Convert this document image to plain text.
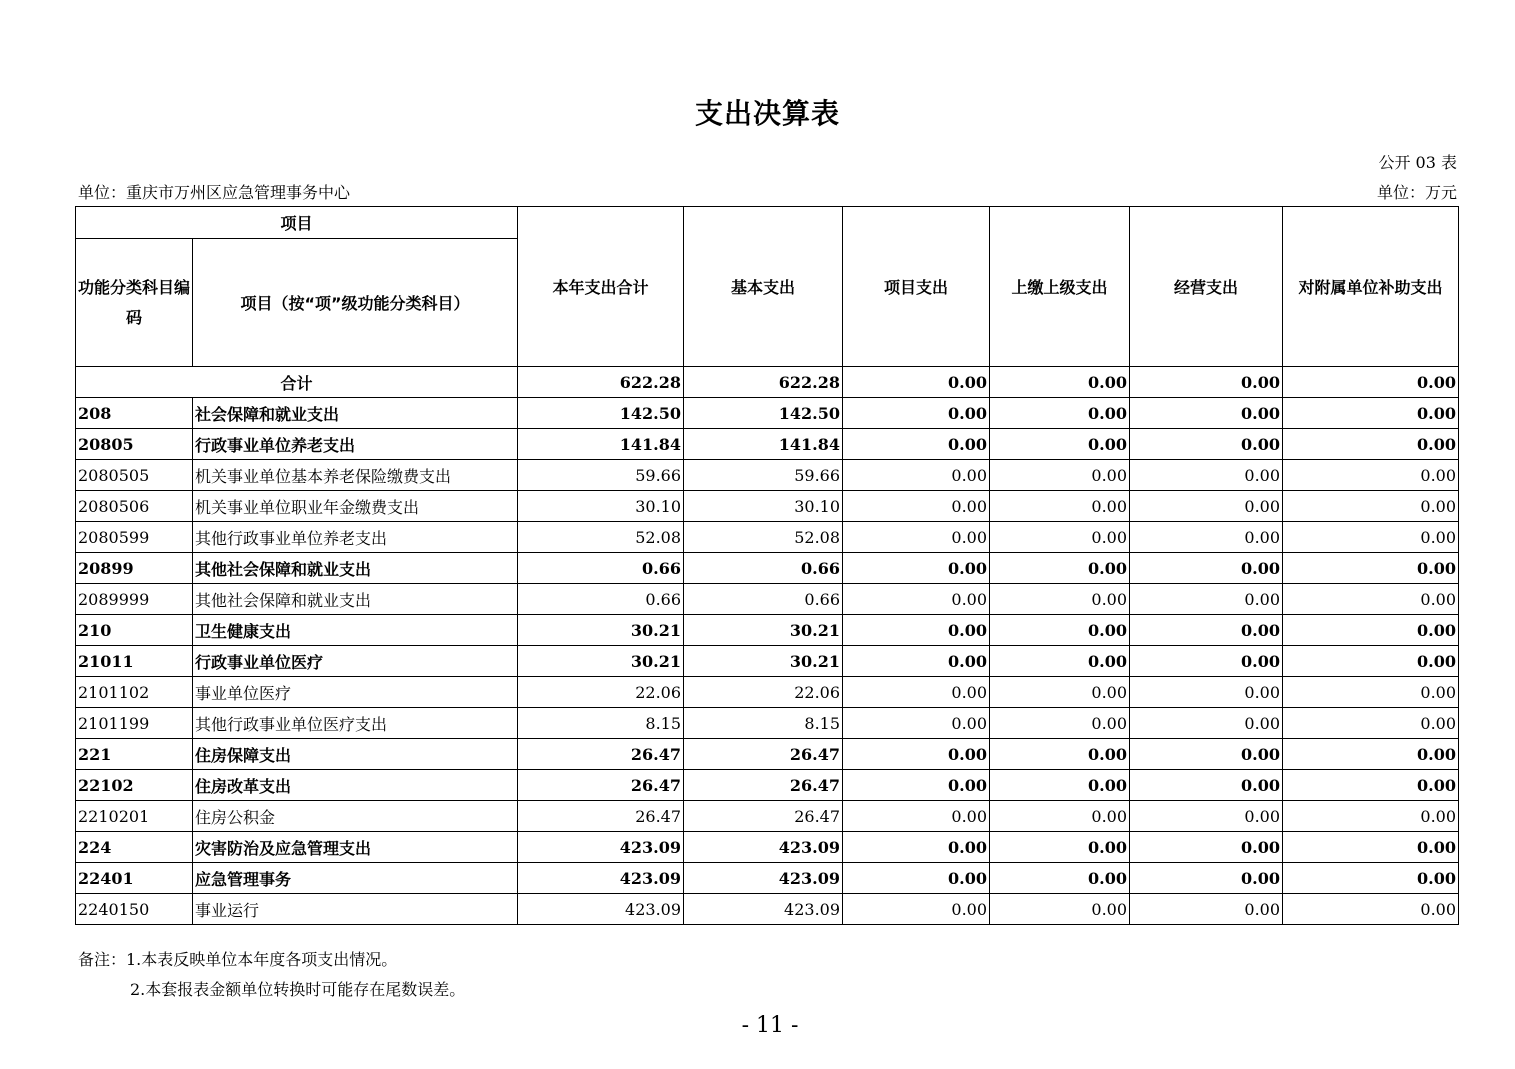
支出决算表
公开 03 表
单位：重庆市万州区应急管理事务中心	单位：万元
项目		本年支出合计	基本支出	项目支出	上缴上级支出	经营支出	对附属单位补助支出
功能分类科目编码	项目（按“项”级功能分类科目）						
合计		622.28	622.28	0.00	0.00	0.00	0.00
208	社会保障和就业支出	142.50	142.50	0.00	0.00	0.00	0.00
20805	行政事业单位养老支出	141.84	141.84	0.00	0.00	0.00	0.00
2080505	机关事业单位基本养老保险缴费支出	59.66	59.66	0.00	0.00	0.00	0.00
2080506	机关事业单位职业年金缴费支出	30.10	30.10	0.00	0.00	0.00	0.00
2080599	其他行政事业单位养老支出	52.08	52.08	0.00	0.00	0.00	0.00
20899	其他社会保障和就业支出	0.66	0.66	0.00	0.00	0.00	0.00
2089999	其他社会保障和就业支出	0.66	0.66	0.00	0.00	0.00	0.00
210	卫生健康支出	30.21	30.21	0.00	0.00	0.00	0.00
21011	行政事业单位医疗	30.21	30.21	0.00	0.00	0.00	0.00
2101102	事业单位医疗	22.06	22.06	0.00	0.00	0.00	0.00
2101199	其他行政事业单位医疗支出	8.15	8.15	0.00	0.00	0.00	0.00
221	住房保障支出	26.47	26.47	0.00	0.00	0.00	0.00
22102	住房改革支出	26.47	26.47	0.00	0.00	0.00	0.00
2210201	住房公积金	26.47	26.47	0.00	0.00	0.00	0.00
224	灾害防治及应急管理支出	423.09	423.09	0.00	0.00	0.00	0.00
22401	应急管理事务	423.09	423.09	0.00	0.00	0.00	0.00
2240150	事业运行	423.09	423.09	0.00	0.00	0.00	0.00
备注：1.本表反映单位本年度各项支出情况。
2.本套报表金额单位转换时可能存在尾数误差。
- 11 -
